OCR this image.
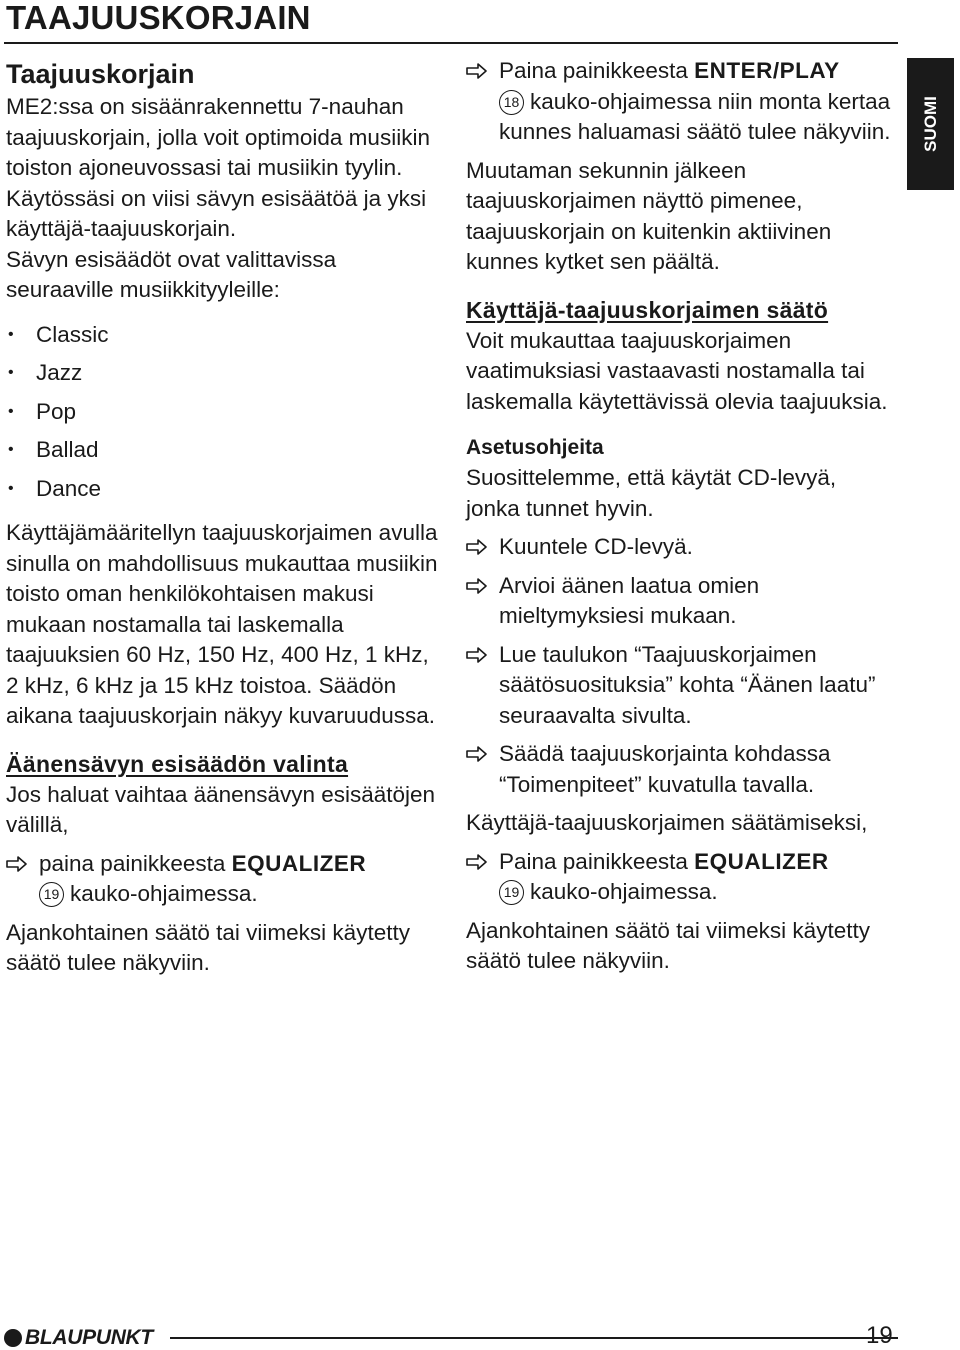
TAAJUUSKORJAIN
SUOMI

Taajuuskorjain

ME2:ssa on sisäänrakennettu 7-nauhan taajuuskorjain, jolla voit optimoida musiikin toiston ajoneuvossasi tai musiikin tyylin. Käytössäsi on viisi sävyn esisäätöä ja yksi käyttäjä-taajuuskorjain.

Sävyn esisäädöt ovat valittavissa seuraaville musiikkityyleille:

• Classic
• Jazz
• Pop
• Ballad
• Dance

Käyttäjämääritellyn taajuuskorjaimen avulla sinulla on mahdollisuus mukauttaa musiikin toisto oman henkilökohtaisen makusi mukaan nostamalla tai laskemalla taajuuksien 60 Hz, 150 Hz, 400 Hz, 1 kHz, 2 kHz, 6 kHz ja 15 kHz toistoa. Säädön aikana taajuuskorjain näkyy kuvaruudussa.

Äänensävyn esisäädön valinta

Jos haluat vaihtaa äänensävyn esisäätöjen välillä,

paina painikkeesta EQUALIZER
19 kauko-ohjaimessa.

Ajankohtainen säätö tai viimeksi käytetty säätö tulee näkyviin.

Paina painikkeesta ENTER/PLAY
18 kauko-ohjaimessa niin monta kertaa kunnes haluamasi säätö tulee näkyviin.

Muutaman sekunnin jälkeen taajuuskorjaimen näyttö pimenee, taajuuskorjain on kuitenkin aktiivinen kunnes kytket sen päältä.

Käyttäjä-taajuuskorjaimen säätö

Voit mukauttaa taajuuskorjaimen vaatimuksiasi vastaavasti nostamalla tai laskemalla käytettävissä olevia taajuuksia.

Asetusohjeita

Suosittelemme, että käytät CD-levyä, jonka tunnet hyvin.

Kuuntele CD-levyä.

Arvioi äänen laatua omien mieltymyksiesi mukaan.

Lue taulukon “Taajuuskorjaimen säätösuosituksia” kohta “Äänen laatu” seuraavalta sivulta.

Säädä taajuuskorjainta kohdassa “Toimenpiteet” kuvatulla tavalla.

Käyttäjä-taajuuskorjaimen säätämiseksi,

Paina painikkeesta EQUALIZER
19 kauko-ohjaimessa.

Ajankohtainen säätö tai viimeksi käytetty säätö tulee näkyviin.

BLAUPUNKT	19
